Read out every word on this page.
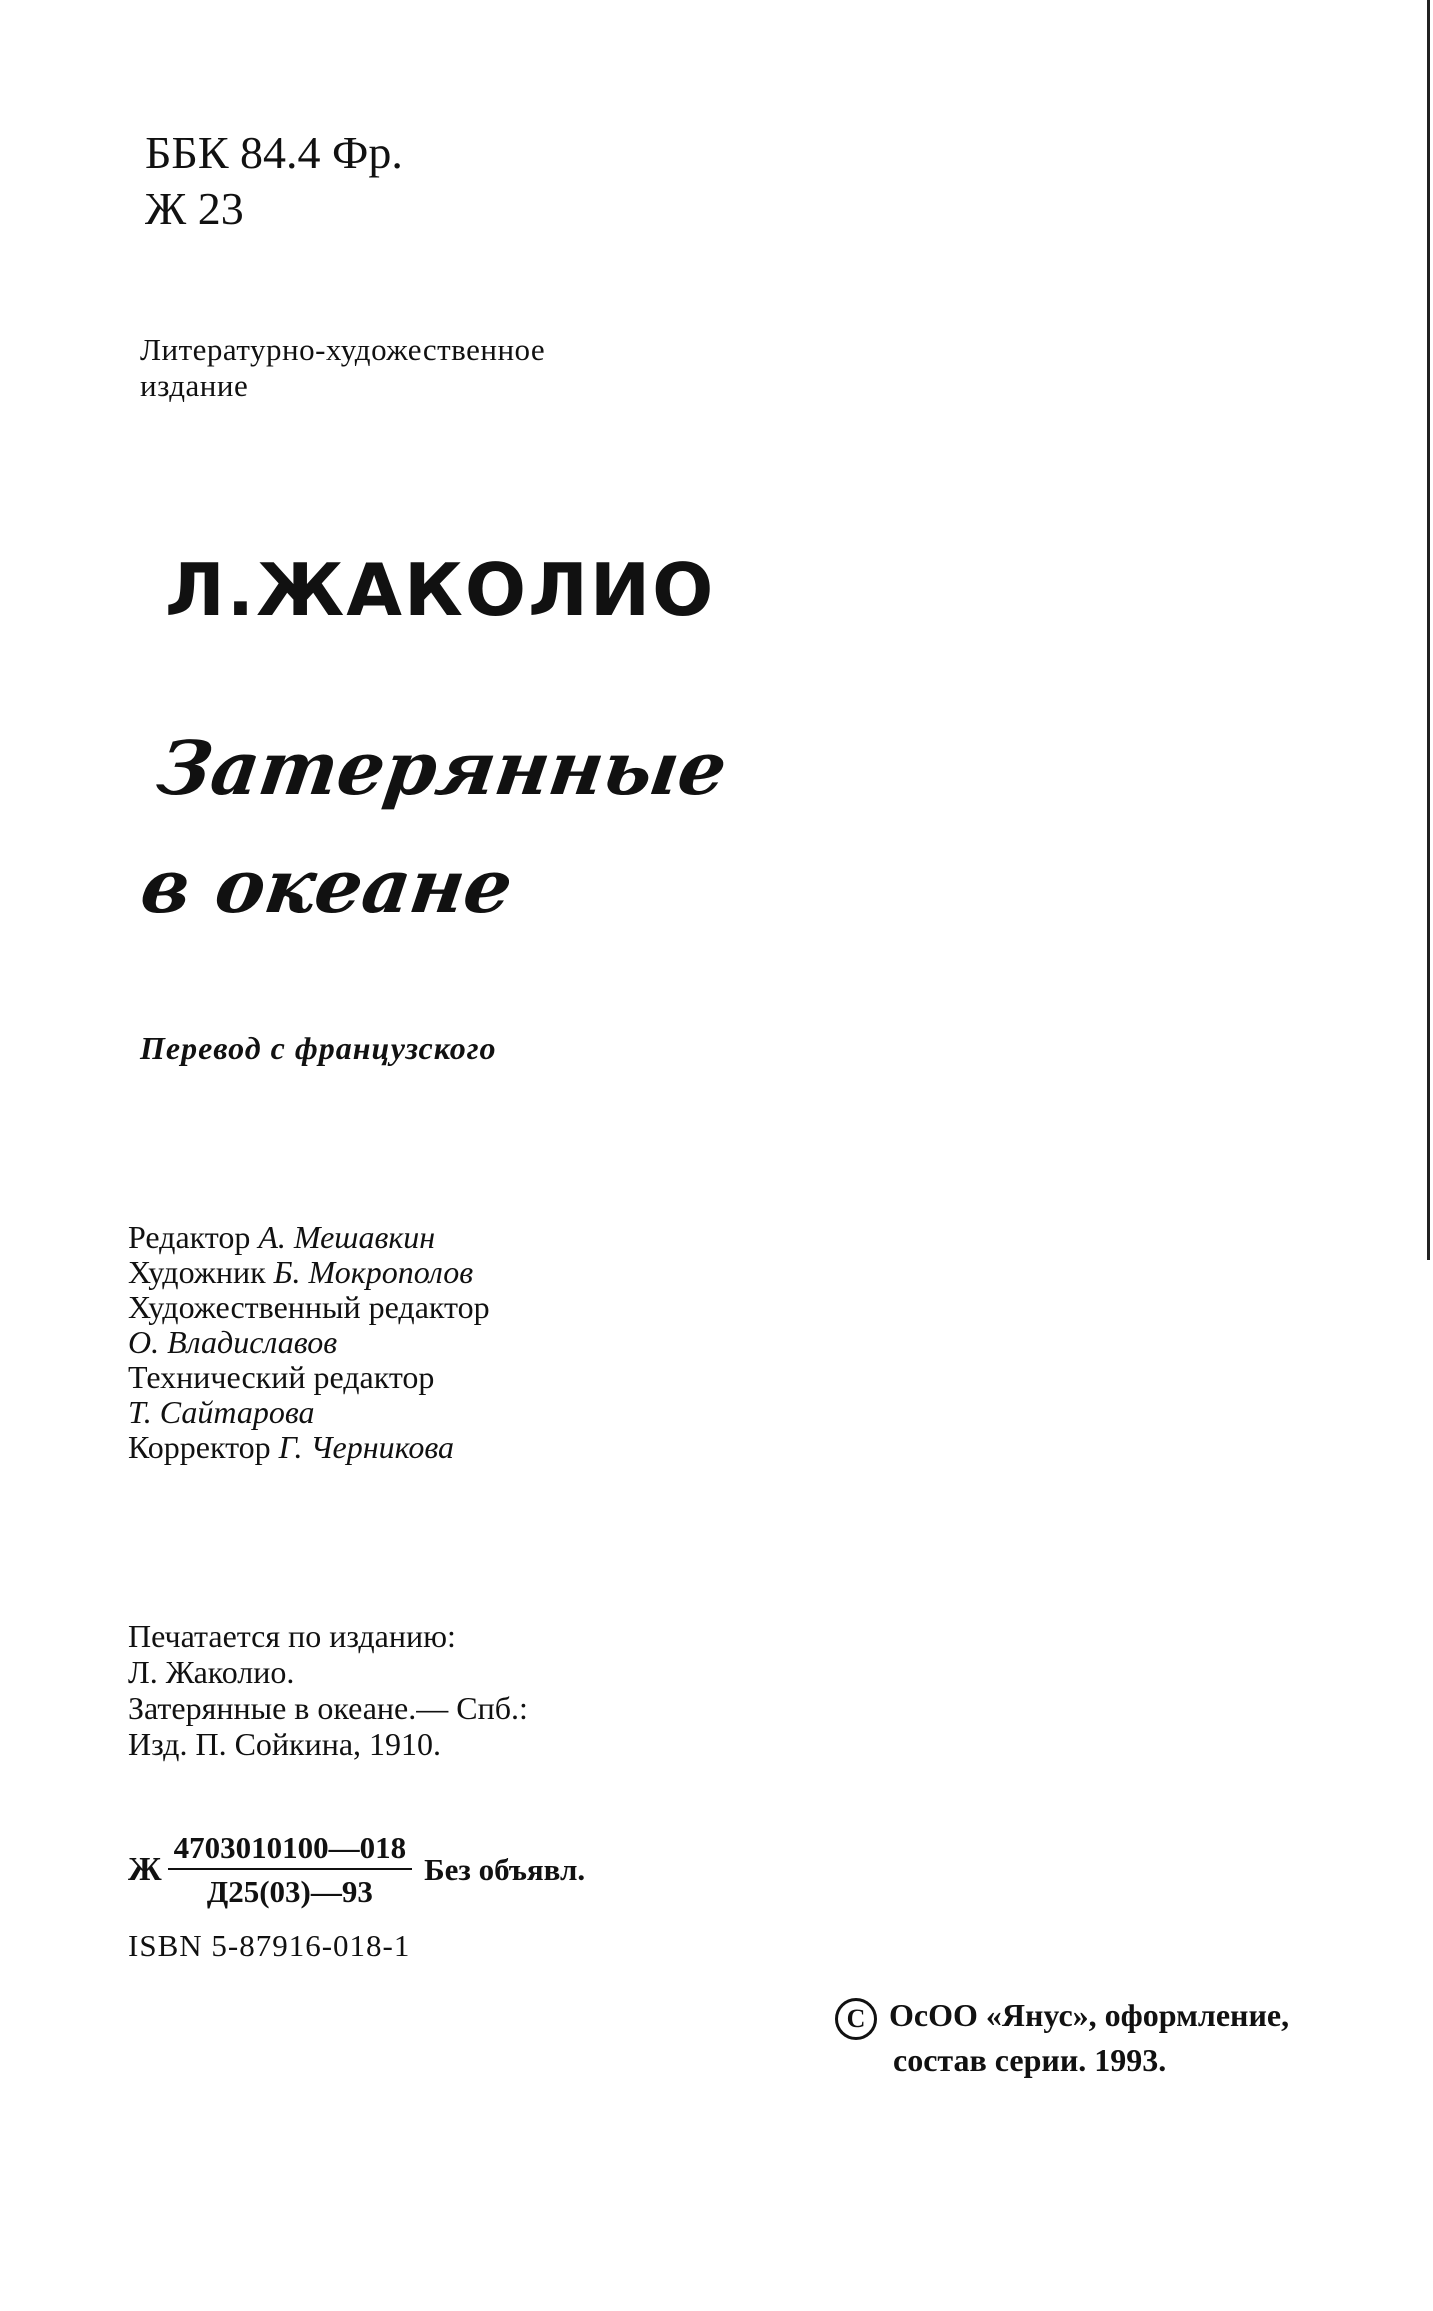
ББК 84.4 Фр.
Ж 23
Литературно-художественное
издание
Л.ЖАКОЛИО
Затерянные
в океане
Перевод с французского
Редактор А. Мешавкин
Художник Б. Мокрополов
Художественный редактор
О. Владиславов
Технический редактор
Т. Сайтарова
Корректор Г. Черникова
Печатается по изданию:
Л. Жаколио.
Затерянные в океане.— Спб.:
Изд. П. Сойкина, 1910.
Ж $\frac{4703010100—018}{Д25(03)—93}$ Без объявл.
ISBN 5-87916-018-1
C ОсОО «Янус», оформление,
состав серии. 1993.
